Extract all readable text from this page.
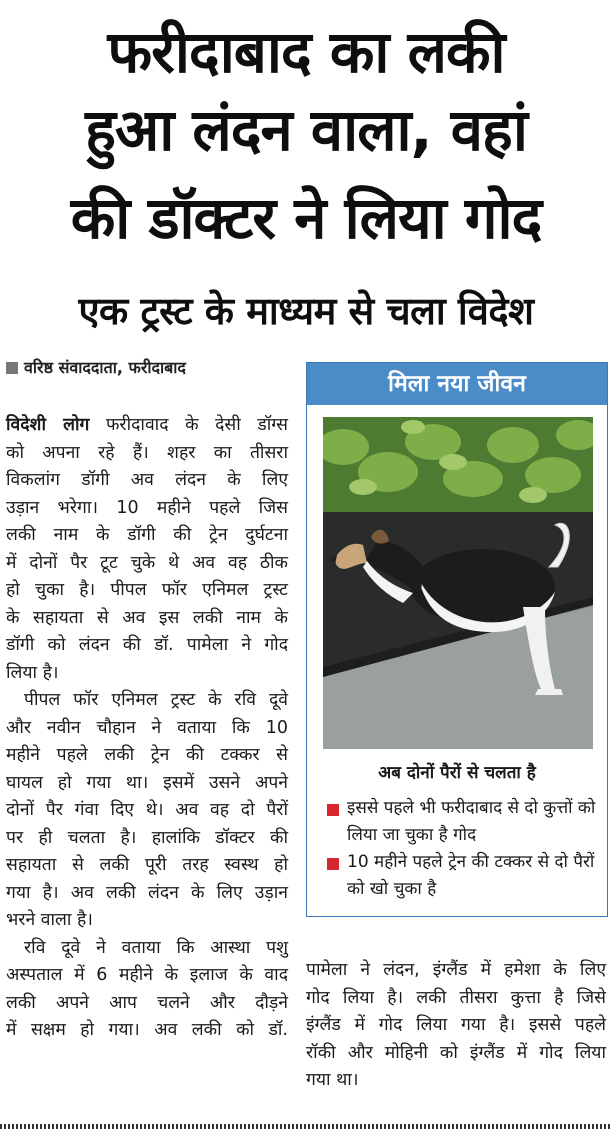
फरीदाबाद का लकी
हुआ लंदन वाला, वहां
की डॉक्टर ने लिया गोद
एक ट्रस्ट के माध्यम से चला विदेश
वरिष्ठ संवाददाता, फरीदाबाद
विदेशी लोग फरीदावाद के देसी डॉग्स
को अपना रहे हैं। शहर का तीसरा
विकलांग डॉगी अव लंदन के लिए
उड़ान भरेगा। 10 महीने पहले जिस
लकी नाम के डॉगी की ट्रेन दुर्घटना
में दोनों पैर टूट चुके थे अव वह ठीक
हो चुका है। पीपल फॉर एनिमल ट्रस्ट
के सहायता से अव इस लकी नाम के
डॉगी को लंदन की डॉ. पामेला ने गोद
लिया है।
पीपल फॉर एनिमल ट्रस्ट के रवि दूवे
और नवीन चौहान ने वताया कि 10
महीने पहले लकी ट्रेन की टक्कर से
घायल हो गया था। इसमें उसने अपने
दोनों पैर गंवा दिए थे। अव वह दो पैरों
पर ही चलता है। हालांकि डॉक्टर की
सहायता से लकी पूरी तरह स्वस्थ हो
गया है। अव लकी लंदन के लिए उड़ान
भरने वाला है।
रवि दूवे ने वताया कि आस्था पशु
अस्पताल में 6 महीने के इलाज के वाद
लकी अपने आप चलने और दौड़ने
में सक्षम हो गया। अव लकी को डॉ.
मिला नया जीवन
अब दोनों पैरों से चलता है
इससे पहले भी फरीदाबाद से दो कुत्तों को लिया जा चुका है गोद
10 महीने पहले ट्रेन की टक्कर से दो पैरों को खो चुका है
पामेला ने लंदन, इंग्लैंड में हमेशा के लिए
गोद लिया है। लकी तीसरा कुत्ता है जिसे
इंग्लैंड में गोद लिया गया है। इससे पहले
रॉकी और मोहिनी को इंग्लैंड में गोद लिया
गया था।
